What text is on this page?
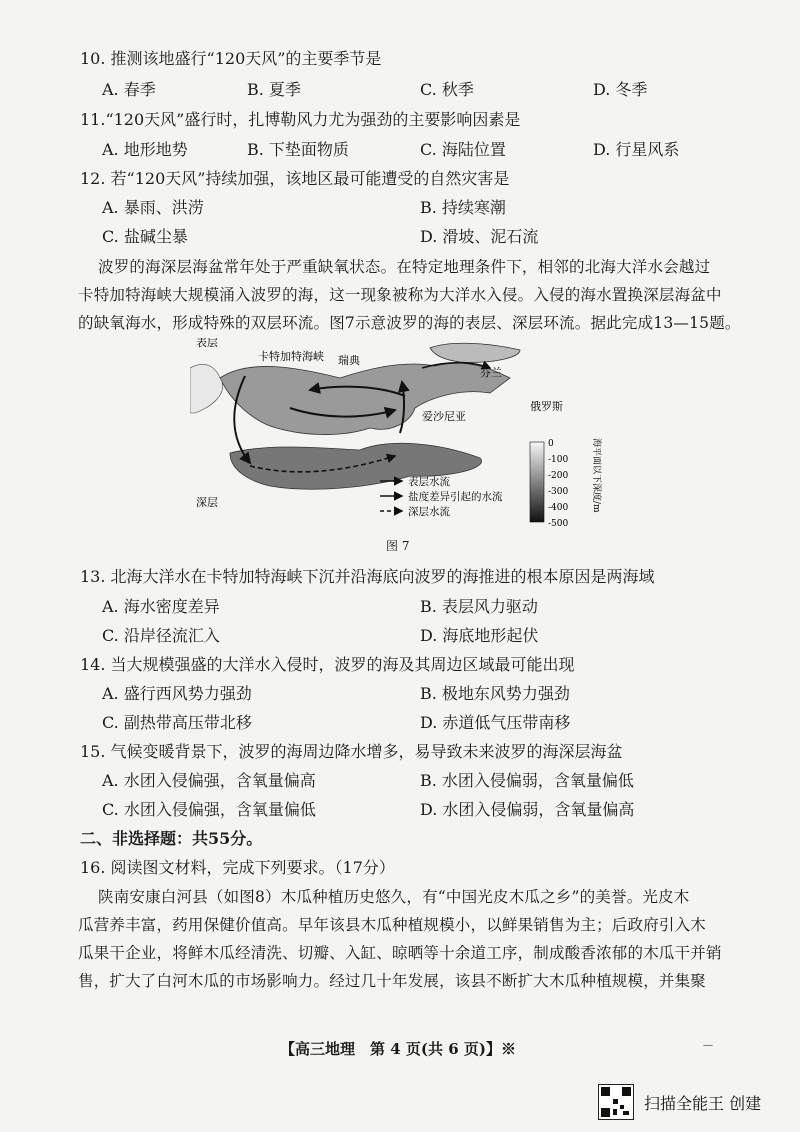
10. 推测该地盛行“120天风”的主要季节是
A. 春季	B. 夏季	C. 秋季	D. 冬季
11.“120天风”盛行时，扎博勒风力尤为强劲的主要影响因素是
A. 地形地势	B. 下垫面物质	C. 海陆位置	D. 行星风系
12. 若“120天风”持续加强，该地区最可能遭受的自然灾害是
A. 暴雨、洪涝	B. 持续寒潮
C. 盐碱尘暴	D. 滑坡、泥石流
波罗的海深层海盆常年处于严重缺氧状态。在特定地理条件下，相邻的北海大洋水会越过
卡特加特海峡大规模涌入波罗的海，这一现象被称为大洋水入侵。入侵的海水置换深层海盆中
的缺氧海水，形成特殊的双层环流。图7示意波罗的海的表层、深层环流。据此完成13—15题。
表层
深层
卡特加特海峡 瑞典
芬兰
爱沙尼亚
俄罗斯
表层水流
盐度差异引起的水流
深层水流
0
-100
-200
-300
-400
-500
海平面以下深度/m
图 7
13. 北海大洋水在卡特加特海峡下沉并沿海底向波罗的海推进的根本原因是两海域
A. 海水密度差异	B. 表层风力驱动
C. 沿岸径流汇入	D. 海底地形起伏
14. 当大规模强盛的大洋水入侵时，波罗的海及其周边区域最可能出现
A. 盛行西风势力强劲	B. 极地东风势力强劲
C. 副热带高压带北移	D. 赤道低气压带南移
15. 气候变暖背景下，波罗的海周边降水增多，易导致未来波罗的海深层海盆
A. 水团入侵偏强，含氧量偏高	B. 水团入侵偏弱，含氧量偏低
C. 水团入侵偏强，含氧量偏低	D. 水团入侵偏弱，含氧量偏高
二、非选择题：共55分。
16. 阅读图文材料，完成下列要求。（17分）
陕南安康白河县（如图8）木瓜种植历史悠久，有“中国光皮木瓜之乡”的美誉。光皮木
瓜营养丰富，药用保健价值高。早年该县木瓜种植规模小，以鲜果销售为主；后政府引入木
瓜果干企业，将鲜木瓜经清洗、切瓣、入缸、晾晒等十余道工序，制成酸香浓郁的木瓜干并销
售，扩大了白河木瓜的市场影响力。经过几十年发展，该县不断扩大木瓜种植规模，并集聚
【高三地理　第 4 页(共 6 页)】※	—
扫描全能王 创建
